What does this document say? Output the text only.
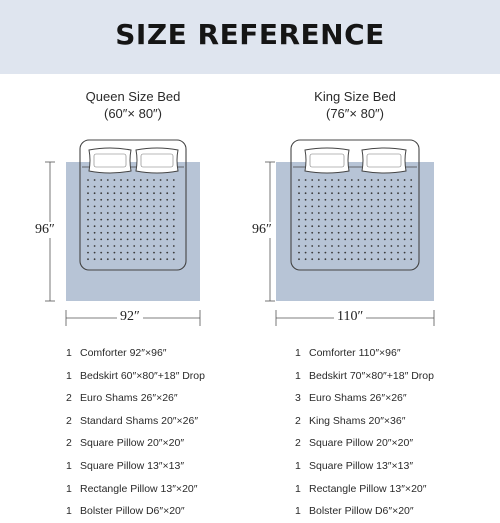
SIZE REFERENCE
Queen Size Bed
(60″× 80″)
King Size Bed
(76″× 80″)
96″
92″
96″
110″
1 Comforter 92″×96″
1 Bedskirt 60″×80″+18″ Drop
2 Euro Shams 26″×26″
2 Standard Shams 20″×26″
2 Square Pillow 20″×20″
1 Square Pillow 13″×13″
1 Rectangle Pillow 13″×20″
1 Bolster Pillow D6″×20″
1 Comforter 110″×96″
1 Bedskirt 70″×80″+18″ Drop
3 Euro Shams 26″×26″
2 King Shams 20″×36″
2 Square Pillow 20″×20″
1 Square Pillow 13″×13″
1 Rectangle Pillow 13″×20″
1 Bolster Pillow D6″×20″
